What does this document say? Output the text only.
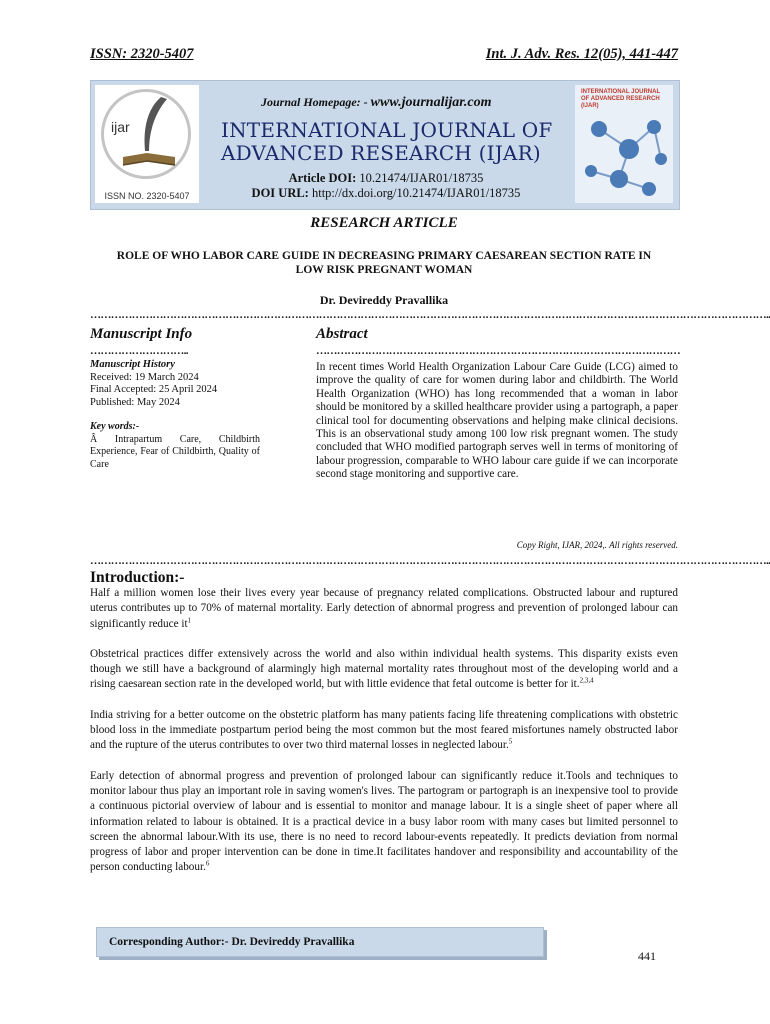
ISSN: 2320-5407	Int. J. Adv. Res. 12(05), 441-447
ijar
ISSN NO. 2320-5407
Journal Homepage: - www.journalijar.com
INTERNATIONAL JOURNAL OF
ADVANCED RESEARCH (IJAR)
Article DOI: 10.21474/IJAR01/18735
DOI URL: http://dx.doi.org/10.21474/IJAR01/18735
INTERNATIONAL JOURNAL OF ADVANCED RESEARCH (IJAR)
RESEARCH ARTICLE
ROLE OF WHO LABOR CARE GUIDE IN DECREASING PRIMARY CAESAREAN SECTION RATE IN
LOW RISK PREGNANT WOMAN
Dr. Devireddy Pravallika
……………………………………………………………………………………………………………………………………………………………………………..
Manuscript Info
………………………..
Manuscript History
Received: 19 March 2024
Final Accepted: 25 April 2024
Published: May 2024
Key words:-
Â Intrapartum Care, Childbirth Experience, Fear of Childbirth, Quality of Care
Abstract
……………………………………………………………………………………………
In recent times World Health Organization Labour Care Guide (LCG) aimed to improve the quality of care for women during labor and childbirth. The World Health Organization (WHO) has long recommended that a woman in labor should be monitored by a skilled healthcare provider using a partograph, a paper clinical tool for documenting observations and helping make clinical decisions. This is an observational study among 100 low risk pregnant women. The study concluded that WHO modified partograph serves well in terms of monitoring of labour progression, comparable to WHO labour care guide if we can incorporate second stage monitoring and supportive care.
Copy Right, IJAR, 2024,. All rights reserved.
……………………………………………………………………………………………………………………………………………………………………………..
Introduction:-

Half a million women lose their lives every year because of pregnancy related complications. Obstructed labour and ruptured uterus contributes up to 70% of maternal mortality. Early detection of abnormal progress and prevention of prolonged labour can significantly reduce $it^1$

Obstetrical practices differ extensively across the world and also within individual health systems. This disparity exists even though we still have a background of alarmingly high maternal mortality rates throughout most of the developing world and a rising caesarean section rate in the developed world, but with little evidence that fetal outcome is better for it.$^{2,3,4}$

India striving for a better outcome on the obstetric platform has many patients facing life threatening complications with obstetric blood loss in the immediate postpartum period being the most common but the most feared misfortunes namely obstructed labor and the rupture of the uterus contributes to over two third maternal losses in neglected labour.$^5$

Early detection of abnormal progress and prevention of prolonged labour can significantly reduce it.Tools and techniques to monitor labour thus play an important role in saving women's lives. The partogram or partograph is an inexpensive tool to provide a continuous pictorial overview of labour and is essential to monitor and manage labour. It is a single sheet of paper where all information related to labour is obtained. It is a practical device in a busy labor room with many cases but limited personnel to screen the abnormal labour.With its use, there is no need to record labour-events repeatedly. It predicts deviation from normal progress of labor and proper intervention can be done in time.It facilitates handover and responsibility and accountability of the person conducting labour.$^6$

Corresponding Author:-
Dr. Devireddy Pravallika
441
